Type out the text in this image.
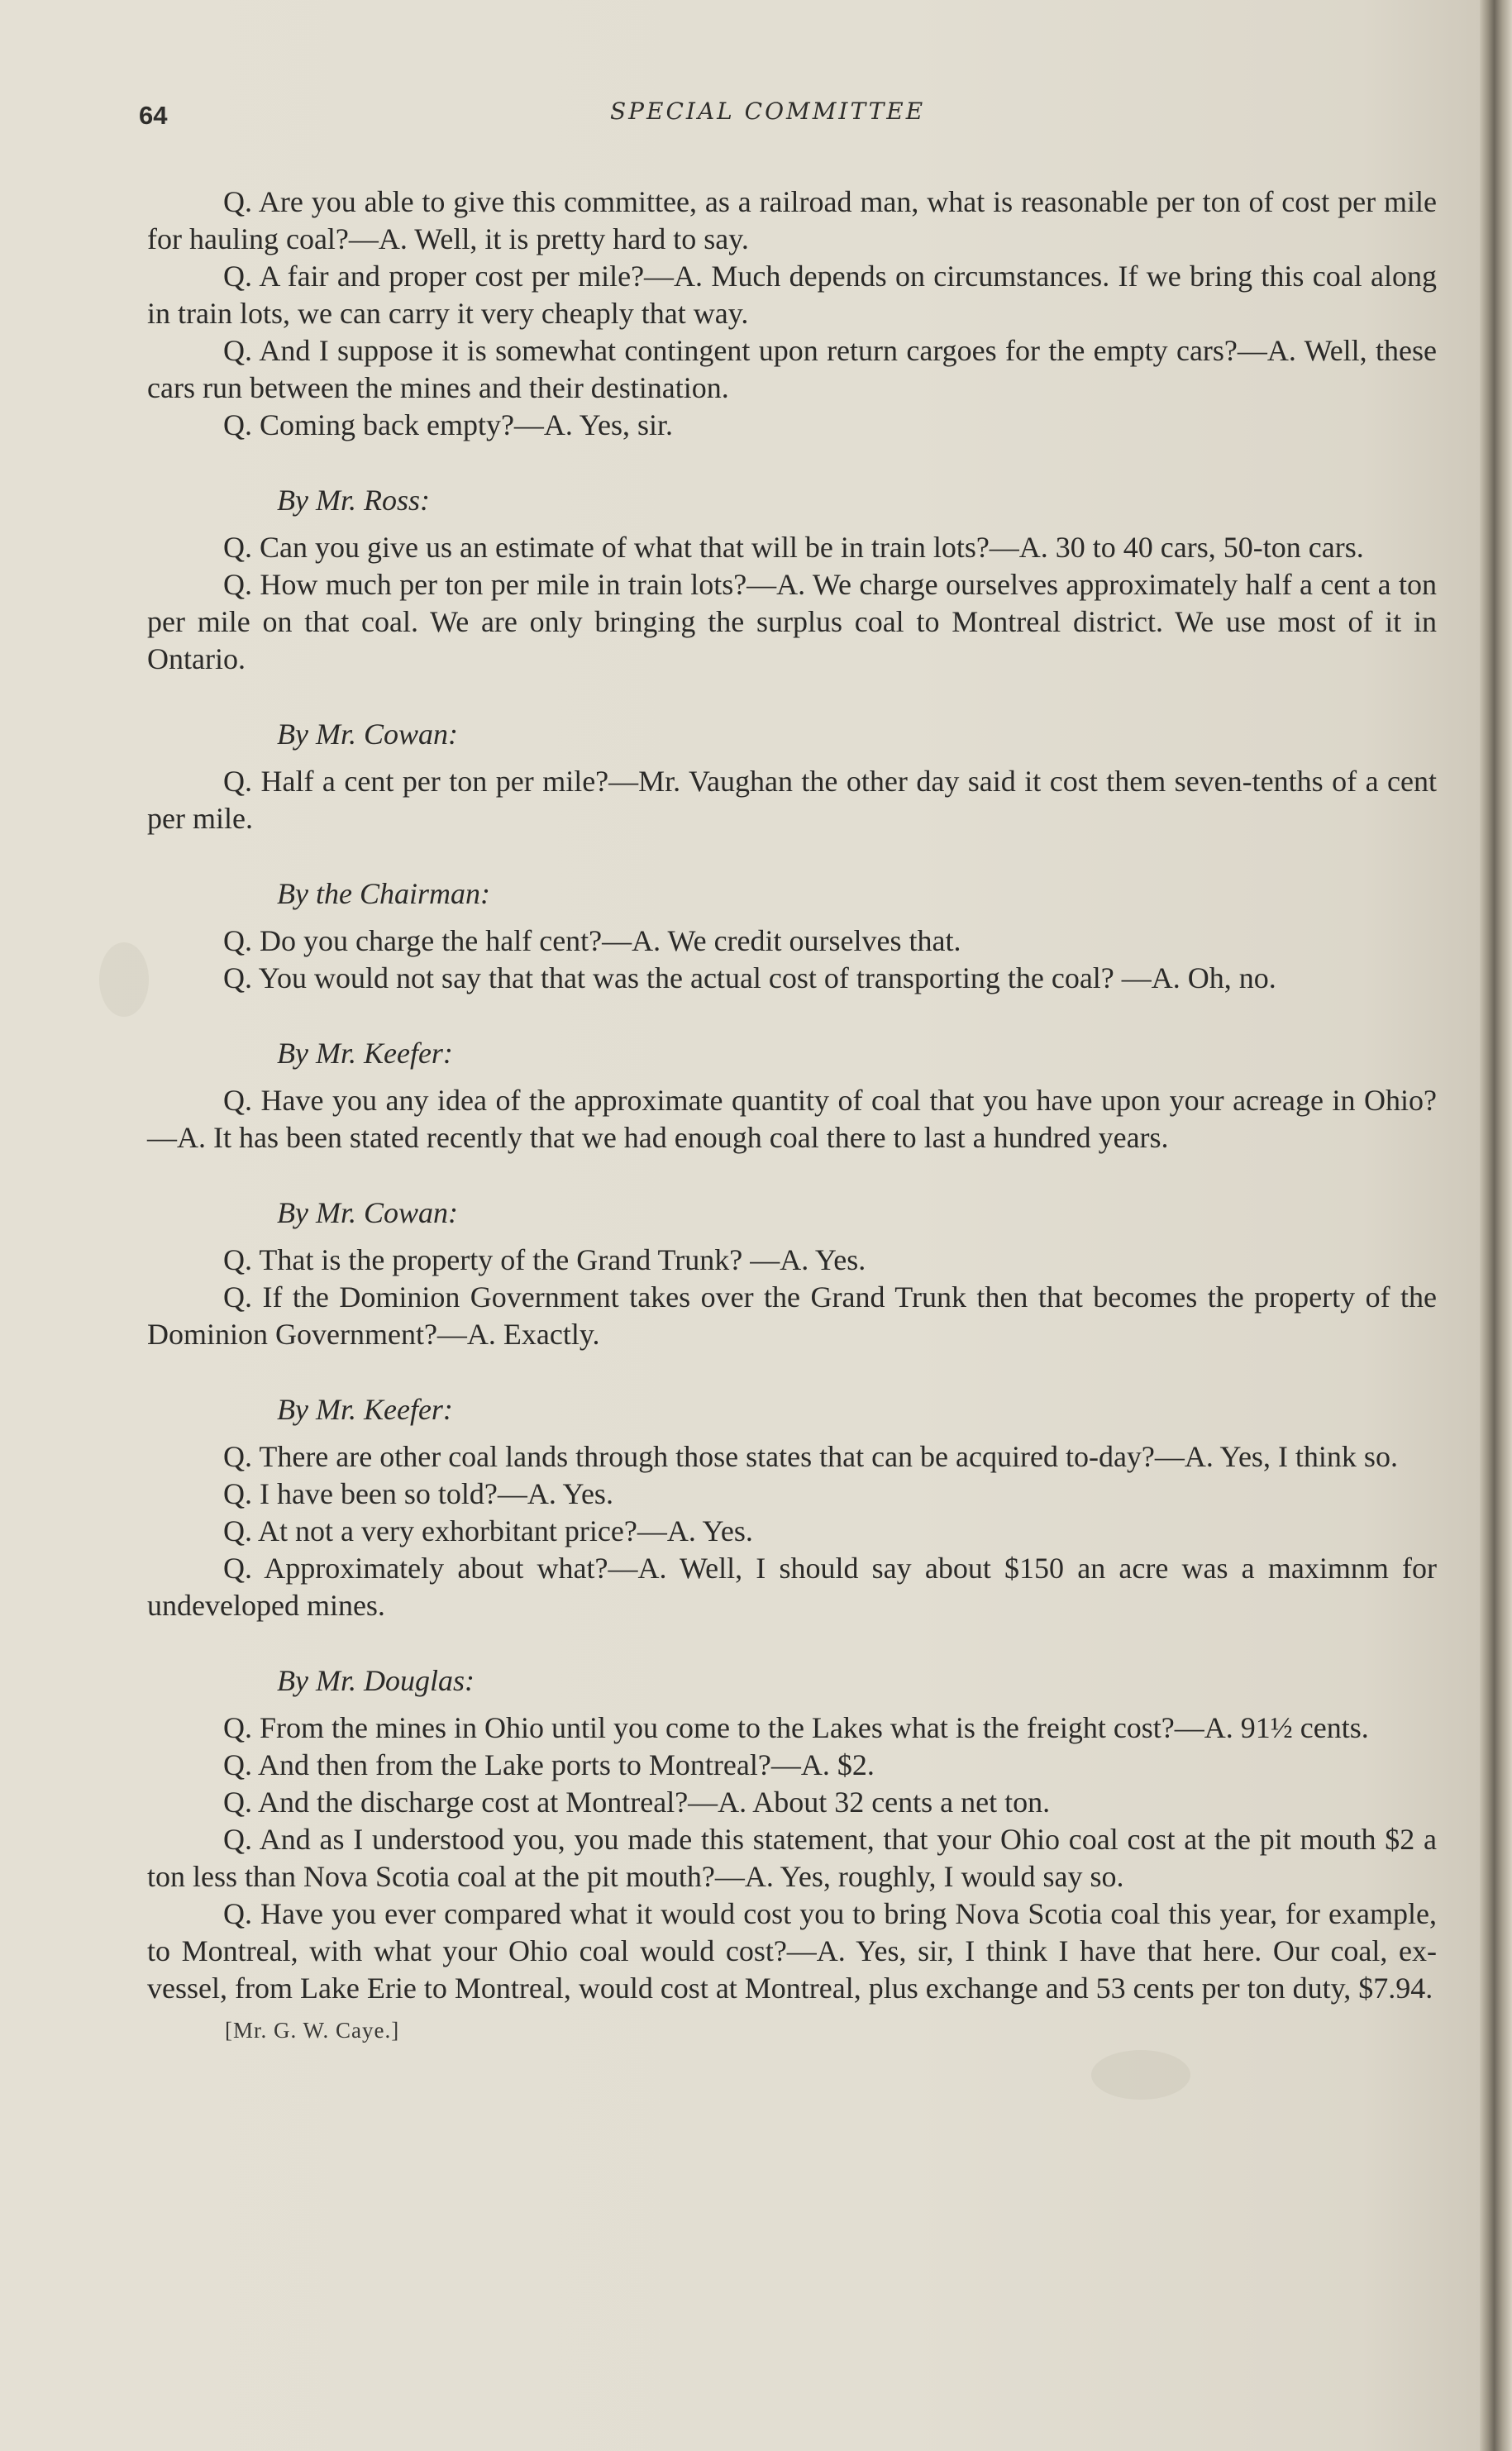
64	SPECIAL COMMITTEE

Q. Are you able to give this committee, as a railroad man, what is reasonable per ton of cost per mile for hauling coal?—A. Well, it is pretty hard to say.

Q. A fair and proper cost per mile?—A. Much depends on circumstances. If we bring this coal along in train lots, we can carry it very cheaply that way.

Q. And I suppose it is somewhat contingent upon return cargoes for the empty cars?—A. Well, these cars run between the mines and their destination.

Q. Coming back empty?—A. Yes, sir.

By Mr. Ross:

Q. Can you give us an estimate of what that will be in train lots?—A. 30 to 40 cars, 50-ton cars.

Q. How much per ton per mile in train lots?—A. We charge ourselves approximately half a cent a ton per mile on that coal. We are only bringing the surplus coal to Montreal district. We use most of it in Ontario.

By Mr. Cowan:

Q. Half a cent per ton per mile?—Mr. Vaughan the other day said it cost them seven-tenths of a cent per mile.

By the Chairman:

Q. Do you charge the half cent?—A. We credit ourselves that.

Q. You would not say that that was the actual cost of transporting the coal? —A. Oh, no.

By Mr. Keefer:

Q. Have you any idea of the approximate quantity of coal that you have upon your acreage in Ohio?—A. It has been stated recently that we had enough coal there to last a hundred years.

By Mr. Cowan:

Q. That is the property of the Grand Trunk? —A. Yes.

Q. If the Dominion Government takes over the Grand Trunk then that becomes the property of the Dominion Government?—A. Exactly.

By Mr. Keefer:

Q. There are other coal lands through those states that can be acquired to-day?—A. Yes, I think so.

Q. I have been so told?—A. Yes.

Q. At not a very exhorbitant price?—A. Yes.

Q. Approximately about what?—A. Well, I should say about $150 an acre was a maximnm for undeveloped mines.

By Mr. Douglas:

Q. From the mines in Ohio until you come to the Lakes what is the freight cost?—A. 91½ cents.

Q. And then from the Lake ports to Montreal?—A. $2.

Q. And the discharge cost at Montreal?—A. About 32 cents a net ton.

Q. And as I understood you, you made this statement, that your Ohio coal cost at the pit mouth $2 a ton less than Nova Scotia coal at the pit mouth?—A. Yes, roughly, I would say so.

Q. Have you ever compared what it would cost you to bring Nova Scotia coal this year, for example, to Montreal, with what your Ohio coal would cost?—A. Yes, sir, I think I have that here. Our coal, ex-vessel, from Lake Erie to Montreal, would cost at Montreal, plus exchange and 53 cents per ton duty, $7.94.

[Mr. G. W. Caye.]
